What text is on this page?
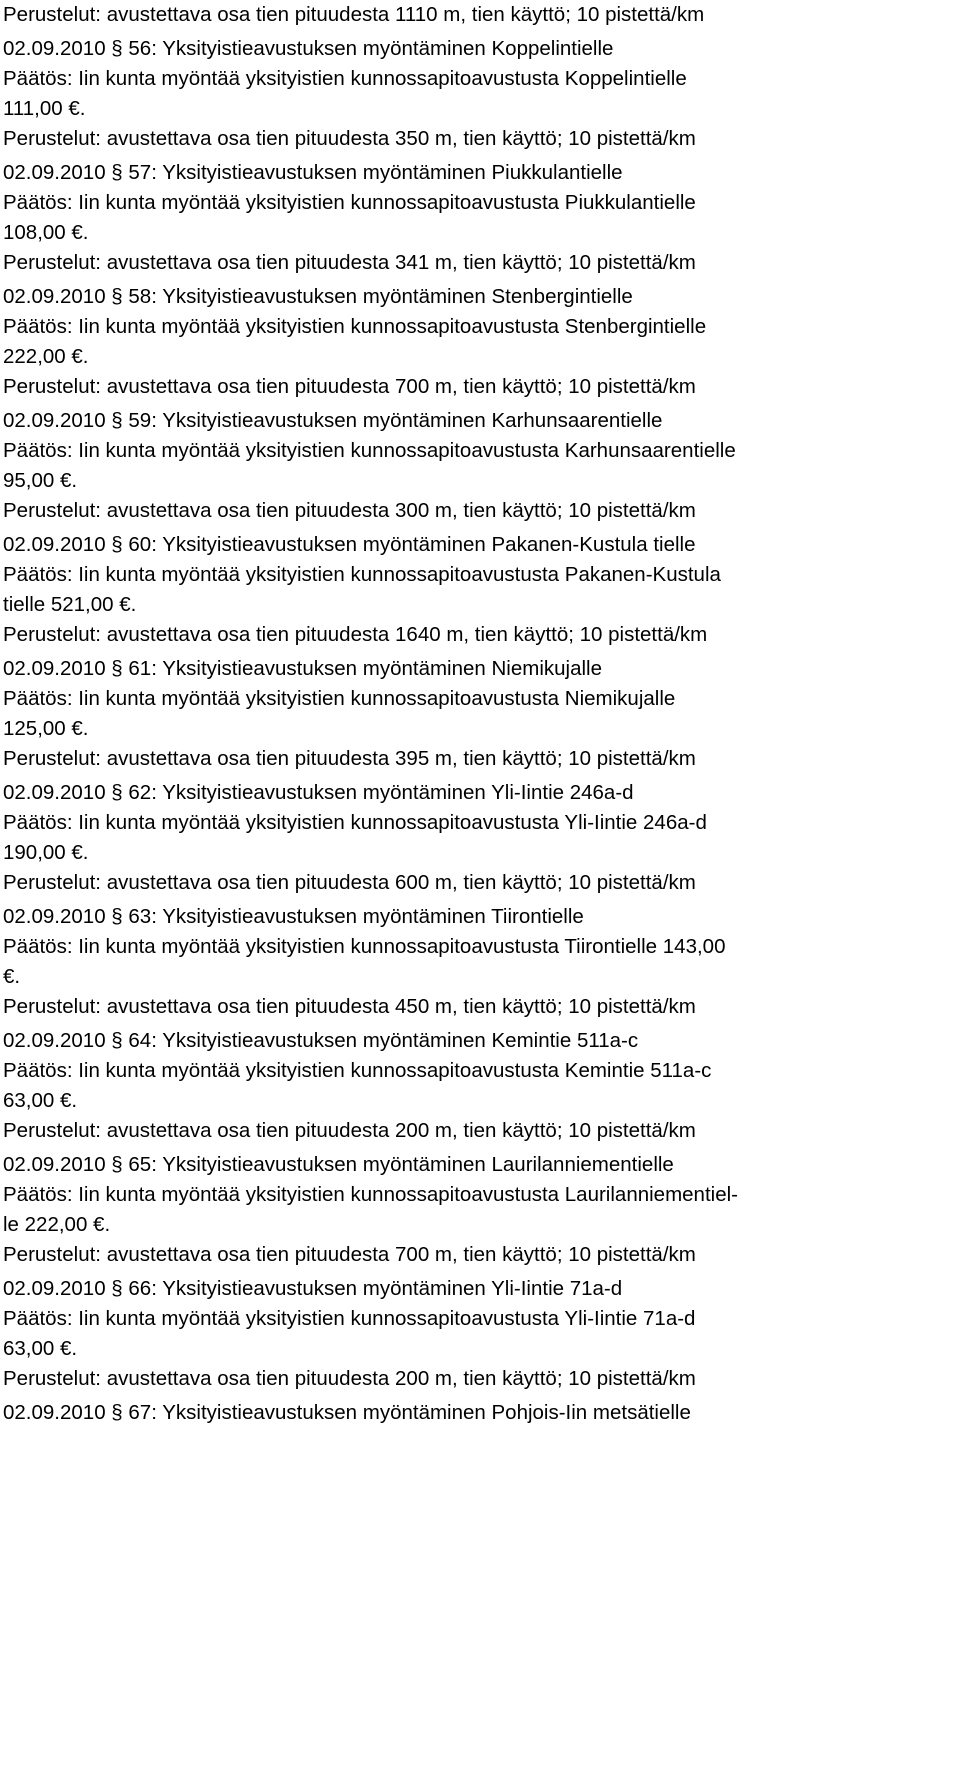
Perustelut: avustettava osa tien pituudesta 1110 m, tien käyttö; 10 pistettä/km
02.09.2010 § 56: Yksityistieavustuksen myöntäminen Koppelintielle
Päätös: Iin kunta myöntää yksityistien kunnossapitoavustusta Koppelintielle
111,00 €.
Perustelut: avustettava osa tien pituudesta 350 m, tien käyttö; 10 pistettä/km
02.09.2010 § 57: Yksityistieavustuksen myöntäminen Piukkulantielle
Päätös: Iin kunta myöntää yksityistien kunnossapitoavustusta Piukkulantielle
108,00 €.
Perustelut: avustettava osa tien pituudesta 341 m, tien käyttö; 10 pistettä/km
02.09.2010 § 58: Yksityistieavustuksen myöntäminen Stenbergintielle
Päätös: Iin kunta myöntää yksityistien kunnossapitoavustusta Stenbergintielle
222,00 €.
Perustelut: avustettava osa tien pituudesta 700 m, tien käyttö; 10 pistettä/km
02.09.2010 § 59: Yksityistieavustuksen myöntäminen Karhunsaarentielle
Päätös: Iin kunta myöntää yksityistien kunnossapitoavustusta Karhunsaarentielle
95,00 €.
Perustelut: avustettava osa tien pituudesta 300 m, tien käyttö; 10 pistettä/km
02.09.2010 § 60: Yksityistieavustuksen myöntäminen Pakanen-Kustula tielle
Päätös: Iin kunta myöntää yksityistien kunnossapitoavustusta Pakanen-Kustula
tielle 521,00 €.
Perustelut: avustettava osa tien pituudesta 1640 m, tien käyttö; 10 pistettä/km
02.09.2010 § 61: Yksityistieavustuksen myöntäminen Niemikujalle
Päätös: Iin kunta myöntää yksityistien kunnossapitoavustusta Niemikujalle
125,00 €.
Perustelut: avustettava osa tien pituudesta 395 m, tien käyttö; 10 pistettä/km
02.09.2010 § 62: Yksityistieavustuksen myöntäminen Yli-Iintie 246a-d
Päätös: Iin kunta myöntää yksityistien kunnossapitoavustusta Yli-Iintie 246a-d
190,00 €.
Perustelut: avustettava osa tien pituudesta 600 m, tien käyttö; 10 pistettä/km
02.09.2010 § 63: Yksityistieavustuksen myöntäminen Tiirontielle
Päätös: Iin kunta myöntää yksityistien kunnossapitoavustusta Tiirontielle 143,00
€.
Perustelut: avustettava osa tien pituudesta 450 m, tien käyttö; 10 pistettä/km
02.09.2010 § 64: Yksityistieavustuksen myöntäminen Kemintie 511a-c
Päätös: Iin kunta myöntää yksityistien kunnossapitoavustusta Kemintie 511a-c
63,00 €.
Perustelut: avustettava osa tien pituudesta 200 m, tien käyttö; 10 pistettä/km
02.09.2010 § 65: Yksityistieavustuksen myöntäminen Laurilanniementielle
Päätös: Iin kunta myöntää yksityistien kunnossapitoavustusta Laurilanniementiel-
le 222,00 €.
Perustelut: avustettava osa tien pituudesta 700 m, tien käyttö; 10 pistettä/km
02.09.2010 § 66: Yksityistieavustuksen myöntäminen Yli-Iintie 71a-d
Päätös: Iin kunta myöntää yksityistien kunnossapitoavustusta Yli-Iintie 71a-d
63,00 €.
Perustelut: avustettava osa tien pituudesta 200 m, tien käyttö; 10 pistettä/km
02.09.2010 § 67: Yksityistieavustuksen myöntäminen Pohjois-Iin metsätielle
